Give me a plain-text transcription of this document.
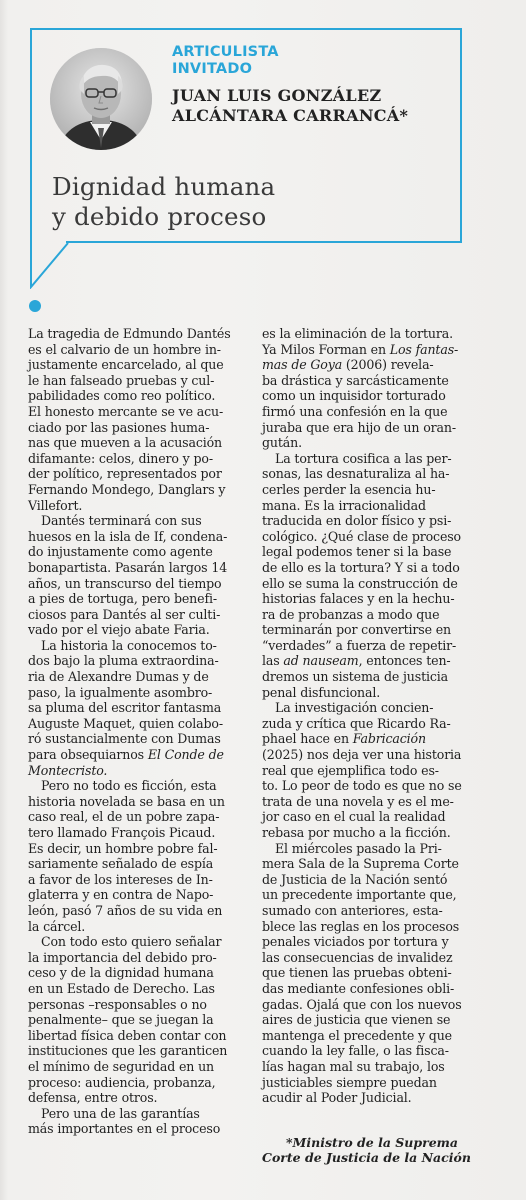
ARTICULISTA
INVITADO

JUAN LUIS GONZÁLEZ

ALCÁNTARA CARRANCÁ*

Dignidad humana
y debido proceso

La tragedia de Edmundo Dantés

es el calvario de un hombre in-

justamente encarcelado, al que

le han falseado pruebas y cul-

pabilidades como reo político.

El honesto mercante se ve acu-

ciado por las pasiones huma-

nas que mueven a la acusación

difamante: celos, dinero y po-

der político, representados por

Fernando Mondego, Danglars y

Villefort.

Dantés terminará con sus

huesos en la isla de If, condena-

do injustamente como agente

bonapartista. Pasarán largos 14

años, un transcurso del tiempo

a pies de tortuga, pero benefi-

ciosos para Dantés al ser culti-

vado por el viejo abate Faria.

La historia la conocemos to-

dos bajo la pluma extraordina-

ria de Alexandre Dumas y de

paso, la igualmente asombro-

sa pluma del escritor fantasma

Auguste Maquet, quien colabo-

ró sustancialmente con Dumas

para obsequiarnos El Conde de

Montecristo.

Pero no todo es ficción, esta

historia novelada se basa en un

caso real, el de un pobre zapa-

tero llamado François Picaud.

Es decir, un hombre pobre fal-

sariamente señalado de espía

a favor de los intereses de In-

glaterra y en contra de Napo-

león, pasó 7 años de su vida en

la cárcel.

Con todo esto quiero señalar

la importancia del debido pro-

ceso y de la dignidad humana

en un Estado de Derecho. Las

personas –responsables o no

penalmente– que se juegan la

libertad física deben contar con

instituciones que les garanticen

el mínimo de seguridad en un

proceso: audiencia, probanza,

defensa, entre otros.

Pero una de las garantías

más importantes en el proceso

es la eliminación de la tortura.

Ya Milos Forman en Los fantas-

mas de Goya (2006) revela-

ba drástica y sarcásticamente

como un inquisidor torturado

firmó una confesión en la que

juraba que era hijo de un oran-

gután.

La tortura cosifica a las per-

sonas, las desnaturaliza al ha-

cerles perder la esencia hu-

mana. Es la irracionalidad

traducida en dolor físico y psi-

cológico. ¿Qué clase de proceso

legal podemos tener si la base

de ello es la tortura? Y si a todo

ello se suma la construcción de

historias falaces y en la hechu-

ra de probanzas a modo que

terminarán por convertirse en

“verdades” a fuerza de repetir-

las ad nauseam, entonces ten-

dremos un sistema de justicia

penal disfuncional.

La investigación concien-

zuda y crítica que Ricardo Ra-

phael hace en Fabricación

(2025) nos deja ver una historia

real que ejemplifica todo es-

to. Lo peor de todo es que no se

trata de una novela y es el me-

jor caso en el cual la realidad

rebasa por mucho a la ficción.

El miércoles pasado la Pri-

mera Sala de la Suprema Corte

de Justicia de la Nación sentó

un precedente importante que,

sumado con anteriores, esta-

blece las reglas en los procesos

penales viciados por tortura y

las consecuencias de invalidez

que tienen las pruebas obteni-

das mediante confesiones obli-

gadas. Ojalá que con los nuevos

aires de justicia que vienen se

mantenga el precedente y que

cuando la ley falle, o las fisca-

lías hagan mal su trabajo, los

justiciables siempre puedan

acudir al Poder Judicial.

*Ministro de la Suprema

Corte de Justicia de la Nación
